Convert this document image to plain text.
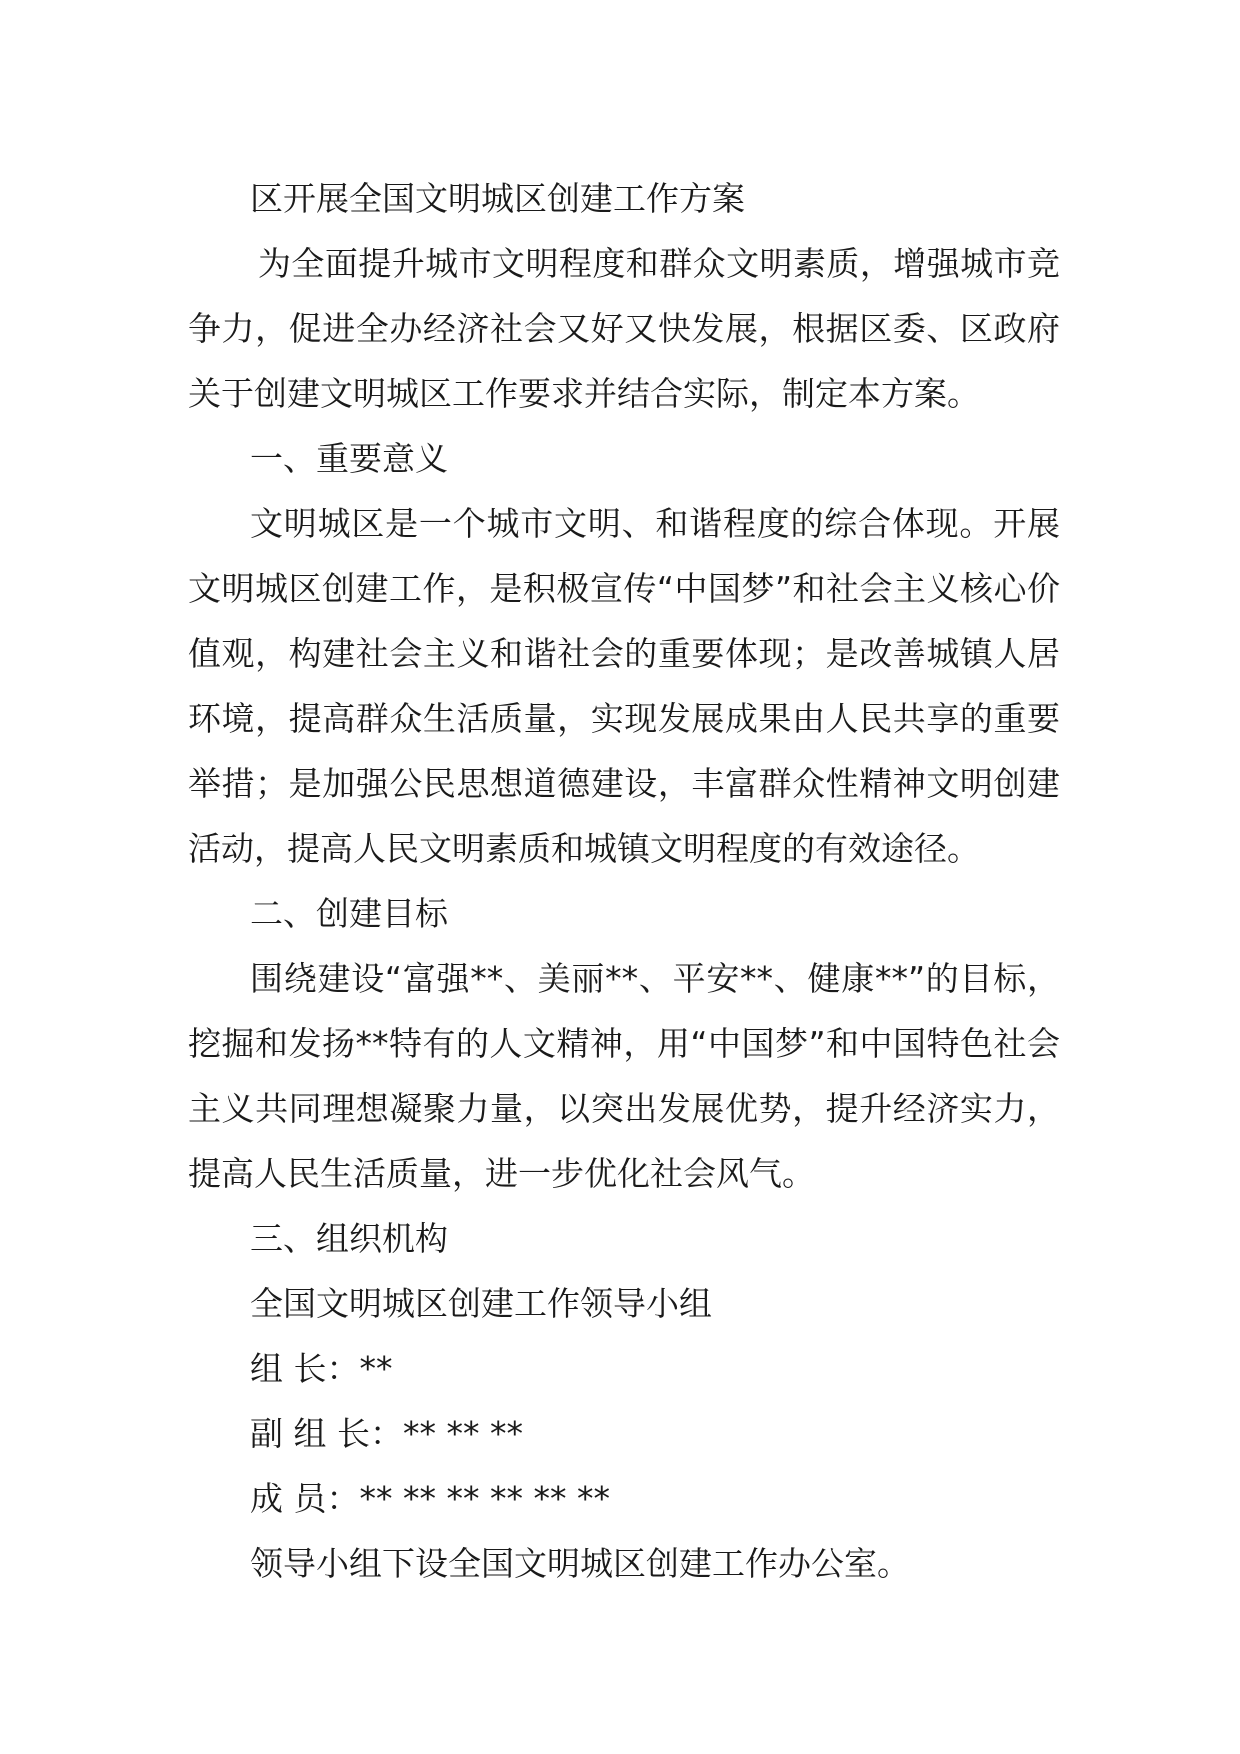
区开展全国文明城区创建工作方案

为全面提升城市文明程度和群众文明素质，增强城市竞争力，促进全办经济社会又好又快发展，根据区委、区政府关于创建文明城区工作要求并结合实际，制定本方案。

一、重要意义

文明城区是一个城市文明、和谐程度的综合体现。开展文明城区创建工作，是积极宣传“中国梦”和社会主义核心价值观，构建社会主义和谐社会的重要体现；是改善城镇人居环境，提高群众生活质量，实现发展成果由人民共享的重要举措；是加强公民思想道德建设，丰富群众性精神文明创建活动，提高人民文明素质和城镇文明程度的有效途径。

二、创建目标

围绕建设“富强**、美丽**、平安**、健康**”的目标，挖掘和发扬**特有的人文精神，用“中国梦”和中国特色社会主义共同理想凝聚力量，以突出发展优势，提升经济实力，提高人民生活质量，进一步优化社会风气。

三、组织机构
全国文明城区创建工作领导小组
组 长：**
副 组 长：** ** **
成 员：** ** ** ** ** **
领导小组下设全国文明城区创建工作办公室。
